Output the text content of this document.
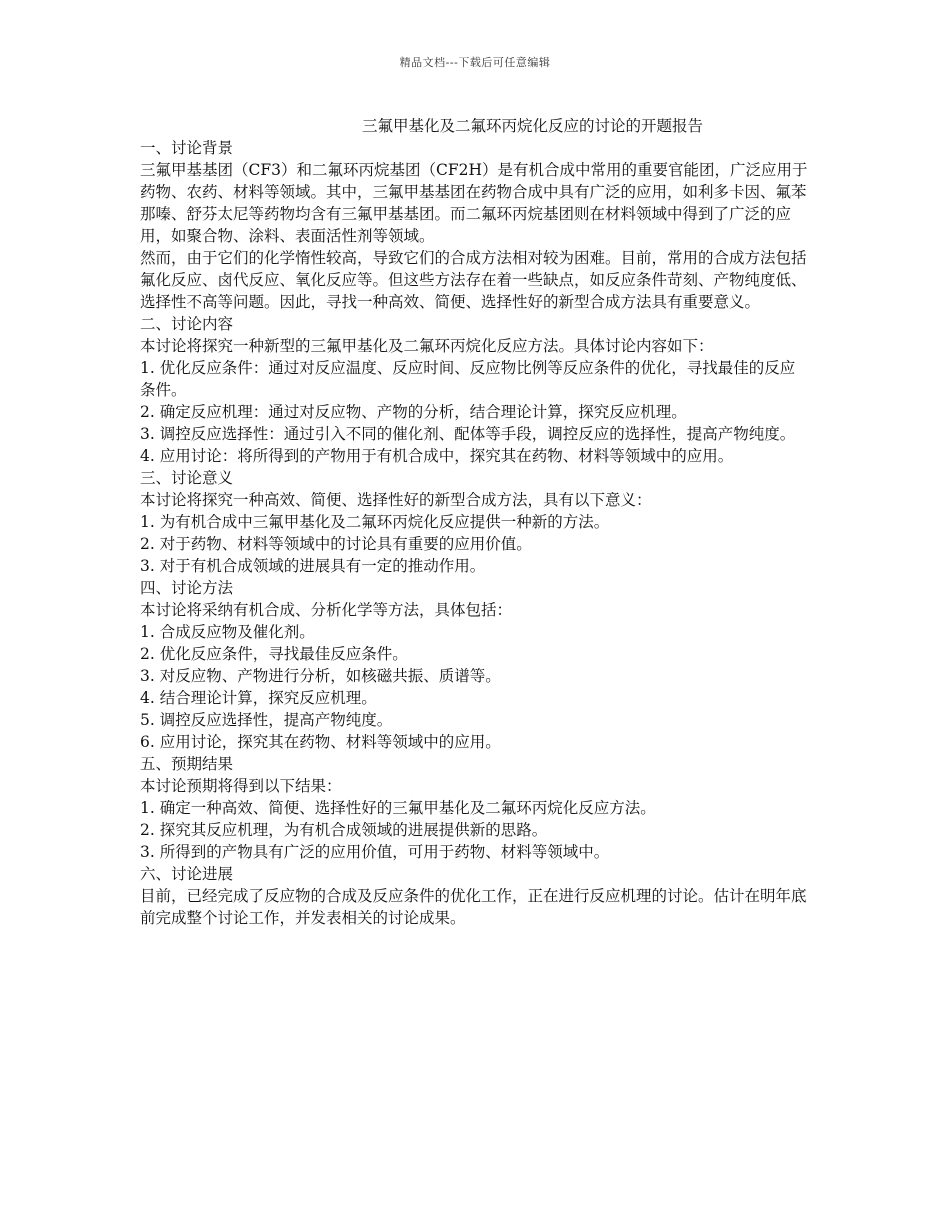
精品文档---下载后可任意编辑
三氟甲基化及二氟环丙烷化反应的讨论的开题报告

一、讨论背景

三氟甲基基团（CF3）和二氟环丙烷基团（CF2H）是有机合成中常用的重要官能团，广泛应用于药物、农药、材料等领域。其中，三氟甲基基团在药物合成中具有广泛的应用，如利多卡因、氟苯那嗪、舒芬太尼等药物均含有三氟甲基基团。而二氟环丙烷基团则在材料领域中得到了广泛的应用，如聚合物、涂料、表面活性剂等领域。

然而，由于它们的化学惰性较高，导致它们的合成方法相对较为困难。目前，常用的合成方法包括氟化反应、卤代反应、氧化反应等。但这些方法存在着一些缺点，如反应条件苛刻、产物纯度低、选择性不高等问题。因此，寻找一种高效、简便、选择性好的新型合成方法具有重要意义。

二、讨论内容

本讨论将探究一种新型的三氟甲基化及二氟环丙烷化反应方法。具体讨论内容如下：

1. 优化反应条件：通过对反应温度、反应时间、反应物比例等反应条件的优化，寻找最佳的反应条件。

2. 确定反应机理：通过对反应物、产物的分析，结合理论计算，探究反应机理。

3. 调控反应选择性：通过引入不同的催化剂、配体等手段，调控反应的选择性，提高产物纯度。

4. 应用讨论：将所得到的产物用于有机合成中，探究其在药物、材料等领域中的应用。

三、讨论意义

本讨论将探究一种高效、简便、选择性好的新型合成方法，具有以下意义：

1. 为有机合成中三氟甲基化及二氟环丙烷化反应提供一种新的方法。

2. 对于药物、材料等领域中的讨论具有重要的应用价值。

3. 对于有机合成领域的进展具有一定的推动作用。

四、讨论方法

本讨论将采纳有机合成、分析化学等方法，具体包括：

1. 合成反应物及催化剂。

2. 优化反应条件，寻找最佳反应条件。

3. 对反应物、产物进行分析，如核磁共振、质谱等。

4. 结合理论计算，探究反应机理。

5. 调控反应选择性，提高产物纯度。

6. 应用讨论，探究其在药物、材料等领域中的应用。

五、预期结果

本讨论预期将得到以下结果：

1. 确定一种高效、简便、选择性好的三氟甲基化及二氟环丙烷化反应方法。

2. 探究其反应机理，为有机合成领域的进展提供新的思路。

3. 所得到的产物具有广泛的应用价值，可用于药物、材料等领域中。

六、讨论进展

目前，已经完成了反应物的合成及反应条件的优化工作，正在进行反应机理的讨论。估计在明年底前完成整个讨论工作，并发表相关的讨论成果。
